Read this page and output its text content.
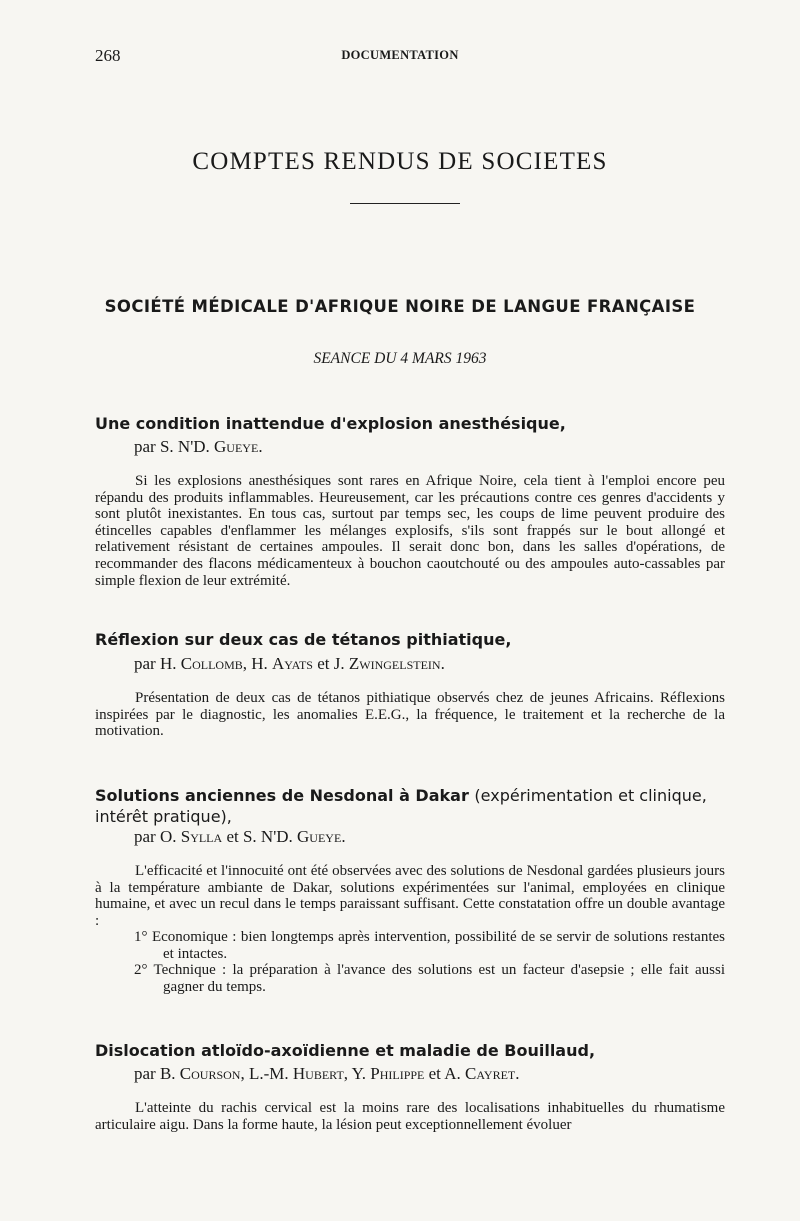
268	DOCUMENTATION
COMPTES RENDUS DE SOCIETES
SOCIÉTÉ MÉDICALE D'AFRIQUE NOIRE DE LANGUE FRANÇAISE
SEANCE DU 4 MARS 1963
Une condition inattendue d'explosion anesthésique,
par S. N'D. Gueye.

Si les explosions anesthésiques sont rares en Afrique Noire, cela tient à l'emploi encore peu répandu des produits inflammables. Heureusement, car les précautions contre ces genres d'accidents y sont plutôt inexistantes. En tous cas, surtout par temps sec, les coups de lime peuvent produire des étincelles capables d'enflammer les mélanges explosifs, s'ils sont frappés sur le bout allongé et relativement résistant de certaines ampoules. Il serait donc bon, dans les salles d'opérations, de recommander des flacons médicamenteux à bouchon caoutchouté ou des ampoules auto-cassables par simple flexion de leur extrémité.

Réflexion sur deux cas de tétanos pithiatique,
par H. Collomb, H. Ayats et J. Zwingelstein.

Présentation de deux cas de tétanos pithiatique observés chez de jeunes Africains. Réflexions inspirées par le diagnostic, les anomalies E.E.G., la fréquence, le traitement et la recherche de la motivation.

Solutions anciennes de Nesdonal à Dakar (expérimentation et clinique, intérêt pratique),
par O. Sylla et S. N'D. Gueye.

L'efficacité et l'innocuité ont été observées avec des solutions de Nesdonal gardées plusieurs jours à la température ambiante de Dakar, solutions expérimentées sur l'animal, employées en clinique humaine, et avec un recul dans le temps paraissant suffisant. Cette constatation offre un double avantage :

1° Economique : bien longtemps après intervention, possibilité de se servir de solutions restantes et intactes.

2° Technique : la préparation à l'avance des solutions est un facteur d'asepsie ; elle fait aussi gagner du temps.

Dislocation atloïdo-axoïdienne et maladie de Bouillaud,
par B. Courson, L.-M. Hubert, Y. Philippe et A. Cayret.

L'atteinte du rachis cervical est la moins rare des localisations inhabituelles du rhumatisme articulaire aigu. Dans la forme haute, la lésion peut exceptionnellement évoluer
